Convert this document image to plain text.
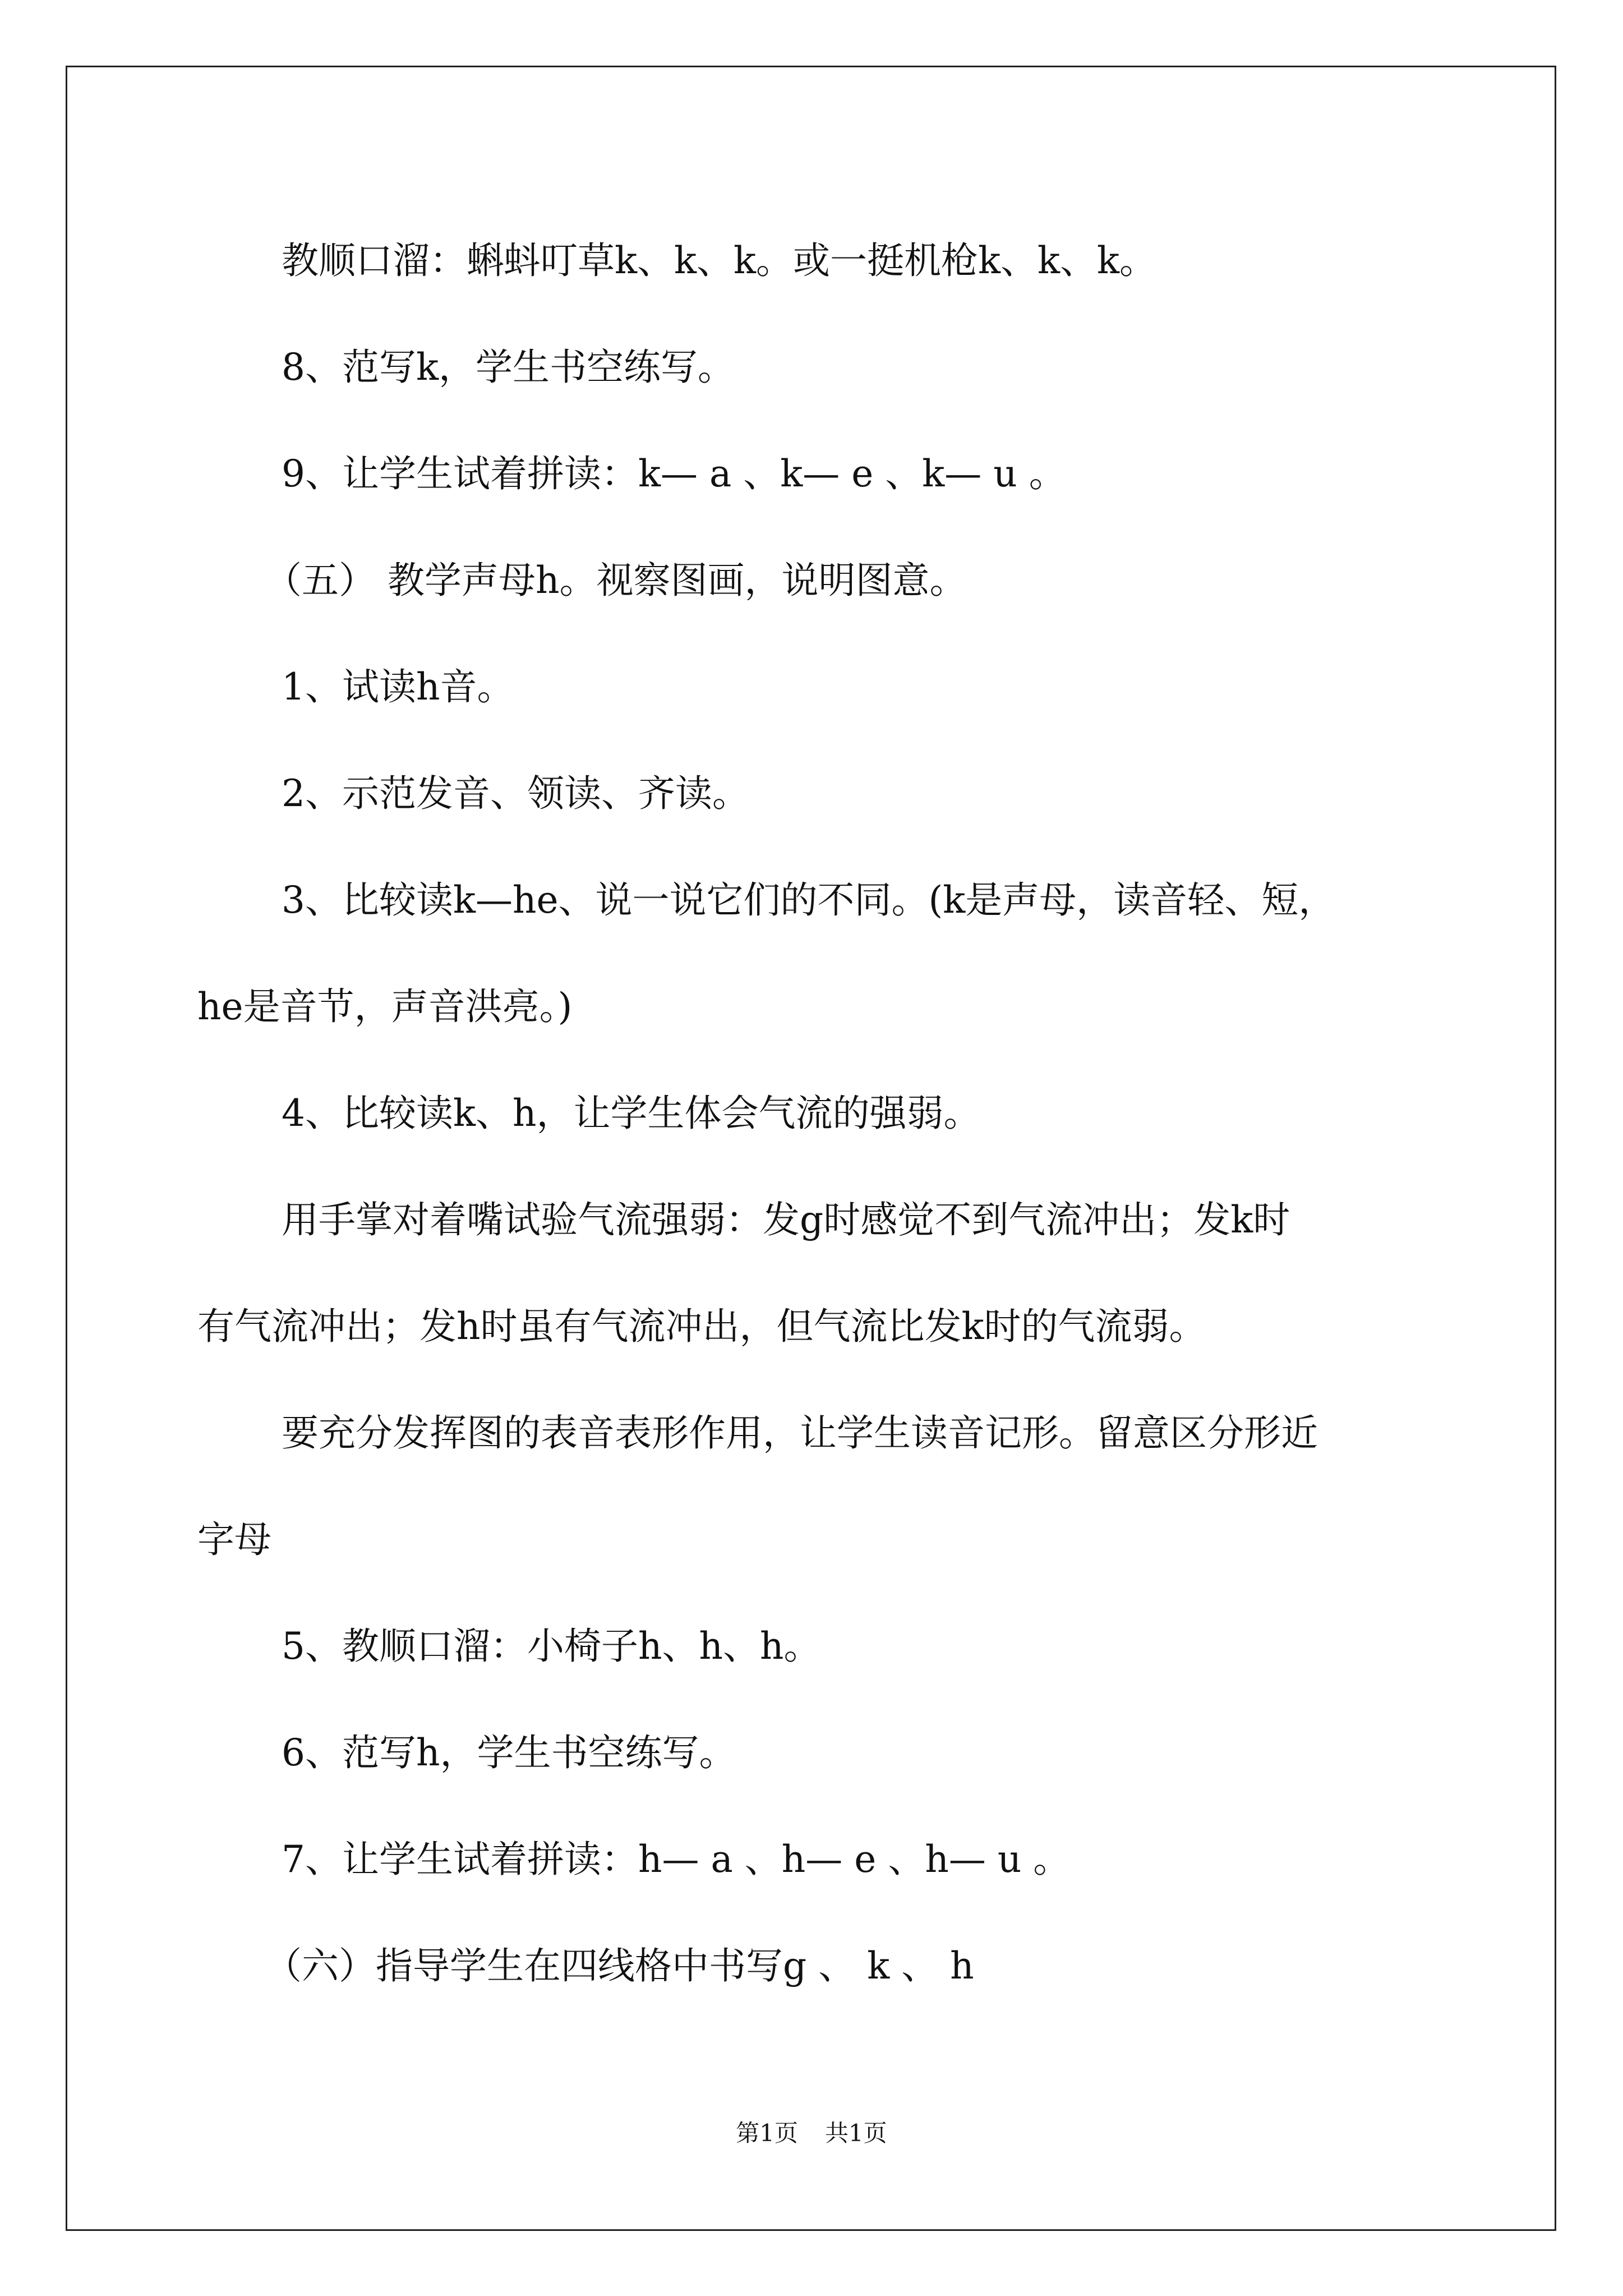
教顺口溜：蝌蚪叮草k、k、k。或一挺机枪k、k、k。

8、范写k，学生书空练写。

9、让学生试着拼读：k— a 、k— e 、k— u 。

（五） 教学声母h。视察图画，说明图意。

1、试读h音。

2、示范发音、领读、齐读。

3、比较读k—he、说一说它们的不同。(k是声母，读音轻、短，

he是音节，声音洪亮。)

4、比较读k、h，让学生体会气流的强弱。

用手掌对着嘴试验气流强弱：发g时感觉不到气流冲出；发k时

有气流冲出；发h时虽有气流冲出，但气流比发k时的气流弱。

要充分发挥图的表音表形作用，让学生读音记形。留意区分形近

字母

5、教顺口溜：小椅子h、h、h。

6、范写h，学生书空练写。

7、让学生试着拼读：h— a 、h— e 、h— u 。

（六）指导学生在四线格中书写g 、 k 、 h

第1页 共1页
